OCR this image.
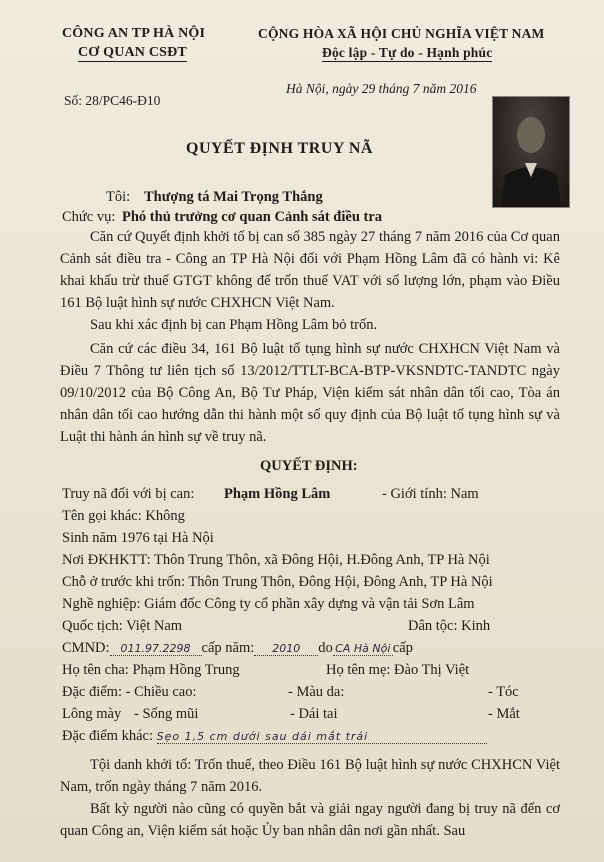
CÔNG AN TP HÀ NỘI
CƠ QUAN CSĐT
CỘNG HÒA XÃ HỘI CHỦ NGHĨA VIỆT NAM
Độc lập - Tự do - Hạnh phúc
Số: 28/PC46-Đ10
Hà Nội, ngày 29 tháng 7 năm 2016
QUYẾT ĐỊNH TRUY NÃ
Tôi: Thượng tá Mai Trọng Thắng
Chức vụ: Phó thủ trưởng cơ quan Cảnh sát điều tra
Căn cứ Quyết định khởi tố bị can số 385 ngày 27 tháng 7 năm 2016 của Cơ quan Cảnh sát điều tra - Công an TP Hà Nội đối với Phạm Hồng Lâm đã có hành vi: Kê khai khấu trừ thuế GTGT không để trốn thuế VAT với số lượng lớn, phạm vào Điều 161 Bộ luật hình sự nước CHXHCN Việt Nam.
Sau khi xác định bị can Phạm Hồng Lâm bỏ trốn.
Căn cứ các điều 34, 161 Bộ luật tố tụng hình sự nước CHXHCN Việt Nam và Điều 7 Thông tư liên tịch số 13/2012/TTLT-BCA-BTP-VKSNDTC-TANDTC ngày 09/10/2012 của Bộ Công An, Bộ Tư Pháp, Viện kiểm sát nhân dân tối cao, Tòa án nhân dân tối cao hướng dẫn thi hành một số quy định của Bộ luật tố tụng hình sự và Luật thi hành án hình sự về truy nã.
QUYẾT ĐỊNH:
Truy nã đối với bị can: Phạm Hồng Lâm	- Giới tính: Nam
Tên gọi khác: Không
Sinh năm 1976 tại Hà Nội
Nơi ĐKHKTT: Thôn Trung Thôn, xã Đông Hội, H.Đông Anh, TP Hà Nội
Chỗ ở trước khi trốn: Thôn Trung Thôn, Đông Hội, Đông Anh, TP Hà Nội
Nghề nghiệp: Giám đốc Công ty cổ phần xây dựng và vận tải Sơn Lâm
Quốc tịch: Việt Nam	Dân tộc: Kinh
CMND: 011.97.2298 cấp năm: 2010 do CA Hà Nội cấp
Họ tên cha: Phạm Hồng Trung	Họ tên mẹ: Đào Thị Việt
Đặc điểm: - Chiều cao:	- Màu da:	- Tóc
Lông mày - Sống mũi	- Dái tai	- Mắt
Đặc điểm khác: Sẹo 1,5 cm dưới sau dái mắt trái
Tội danh khởi tố: Trốn thuế, theo Điều 161 Bộ luật hình sự nước CHXHCN Việt Nam, trốn ngày tháng 7 năm 2016.
Bất kỳ người nào cũng có quyền bắt và giải ngay người đang bị truy nã đến cơ quan Công an, Viện kiểm sát hoặc Ủy ban nhân dân nơi gần nhất. Sau
